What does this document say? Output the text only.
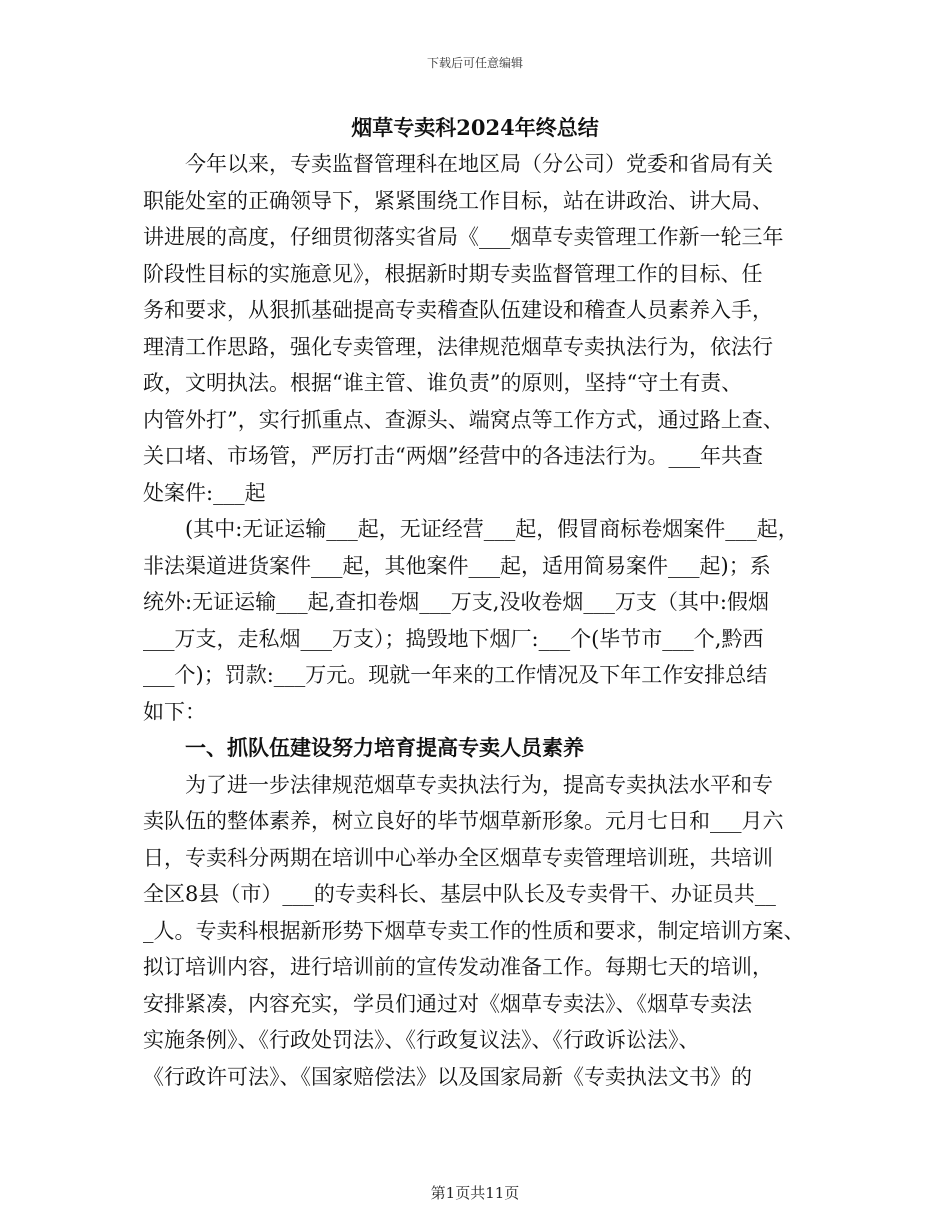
下载后可任意编辑
烟草专卖科2024年终总结
今年以来，专卖监督管理科在地区局（分公司）党委和省局有关
职能处室的正确领导下，紧紧围绕工作目标，站在讲政治、讲大局、
讲进展的高度，仔细贯彻落实省局《___烟草专卖管理工作新一轮三年
阶段性目标的实施意见》，根据新时期专卖监督管理工作的目标、任
务和要求，从狠抓基础提高专卖稽查队伍建设和稽查人员素养入手，
理清工作思路，强化专卖管理，法律规范烟草专卖执法行为，依法行
政，文明执法。根据“谁主管、谁负责”的原则，坚持“守土有责、
内管外打”，实行抓重点、查源头、端窝点等工作方式，通过路上查、
关口堵、市场管，严厉打击“两烟”经营中的各违法行为。___年共查
处案件:___起
(其中:无证运输___起，无证经营___起，假冒商标卷烟案件___起，
非法渠道进货案件___起，其他案件___起，适用简易案件___起)；系
统外:无证运输___起,查扣卷烟___万支,没收卷烟___万支（其中:假烟
___万支，走私烟___万支）；捣毁地下烟厂:___个(毕节市___个,黔西
___个)；罚款:___万元。现就一年来的工作情况及下年工作安排总结
如下：
一、抓队伍建设努力培育提高专卖人员素养
为了进一步法律规范烟草专卖执法行为，提高专卖执法水平和专
卖队伍的整体素养，树立良好的毕节烟草新形象。元月七日和___月六
日，专卖科分两期在培训中心举办全区烟草专卖管理培训班，共培训
全区8县（市）___的专卖科长、基层中队长及专卖骨干、办证员共__
_人。专卖科根据新形势下烟草专卖工作的性质和要求，制定培训方案、
拟订培训内容，进行培训前的宣传发动准备工作。每期七天的培训，
安排紧凑，内容充实，学员们通过对《烟草专卖法》、《烟草专卖法
实施条例》、《行政处罚法》、《行政复议法》、《行政诉讼法》、
《行政许可法》、《国家赔偿法》以及国家局新《专卖执法文书》的
第1页共11页
